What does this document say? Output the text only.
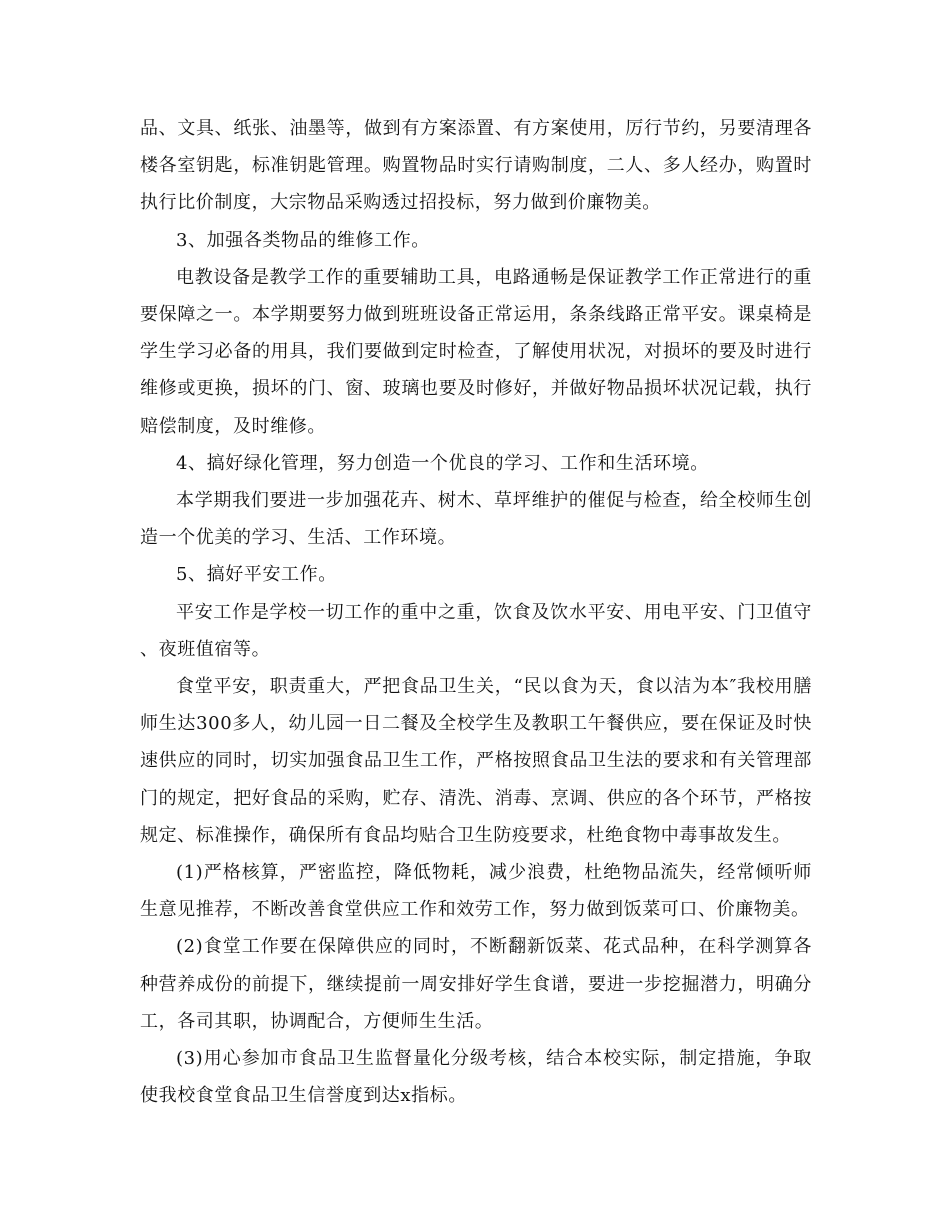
品、文具、纸张、油墨等，做到有方案添置、有方案使用，厉行节约，另要清理各楼各室钥匙，标准钥匙管理。购置物品时实行请购制度，二人、多人经办，购置时执行比价制度，大宗物品采购透过招投标，努力做到价廉物美。

3、加强各类物品的维修工作。

电教设备是教学工作的重要辅助工具，电路通畅是保证教学工作正常进行的重要保障之一。本学期要努力做到班班设备正常运用，条条线路正常平安。课桌椅是学生学习必备的用具，我们要做到定时检查，了解使用状况，对损坏的要及时进行维修或更换，损坏的门、窗、玻璃也要及时修好，并做好物品损坏状况记载，执行赔偿制度，及时维修。

4、搞好绿化管理，努力创造一个优良的学习、工作和生活环境。

本学期我们要进一步加强花卉、树木、草坪维护的催促与检查，给全校师生创造一个优美的学习、生活、工作环境。

5、搞好平安工作。

平安工作是学校一切工作的重中之重，饮食及饮水平安、用电平安、门卫值守、夜班值宿等。

食堂平安，职责重大，严把食品卫生关，“民以食为天，食以洁为本″我校用膳师生达300多人，幼儿园一日二餐及全校学生及教职工午餐供应，要在保证及时快速供应的同时，切实加强食品卫生工作，严格按照食品卫生法的要求和有关管理部门的规定，把好食品的采购，贮存、清洗、消毒、烹调、供应的各个环节，严格按规定、标准操作，确保所有食品均贴合卫生防疫要求，杜绝食物中毒事故发生。

(1)严格核算，严密监控，降低物耗，减少浪费，杜绝物品流失，经常倾听师生意见推荐，不断改善食堂供应工作和效劳工作，努力做到饭菜可口、价廉物美。

(2)食堂工作要在保障供应的同时，不断翻新饭菜、花式品种，在科学测算各种营养成份的前提下，继续提前一周安排好学生食谱，要进一步挖掘潜力，明确分工，各司其职，协调配合，方便师生生活。

(3)用心参加市食品卫生监督量化分级考核，结合本校实际，制定措施，争取使我校食堂食品卫生信誉度到达x指标。
